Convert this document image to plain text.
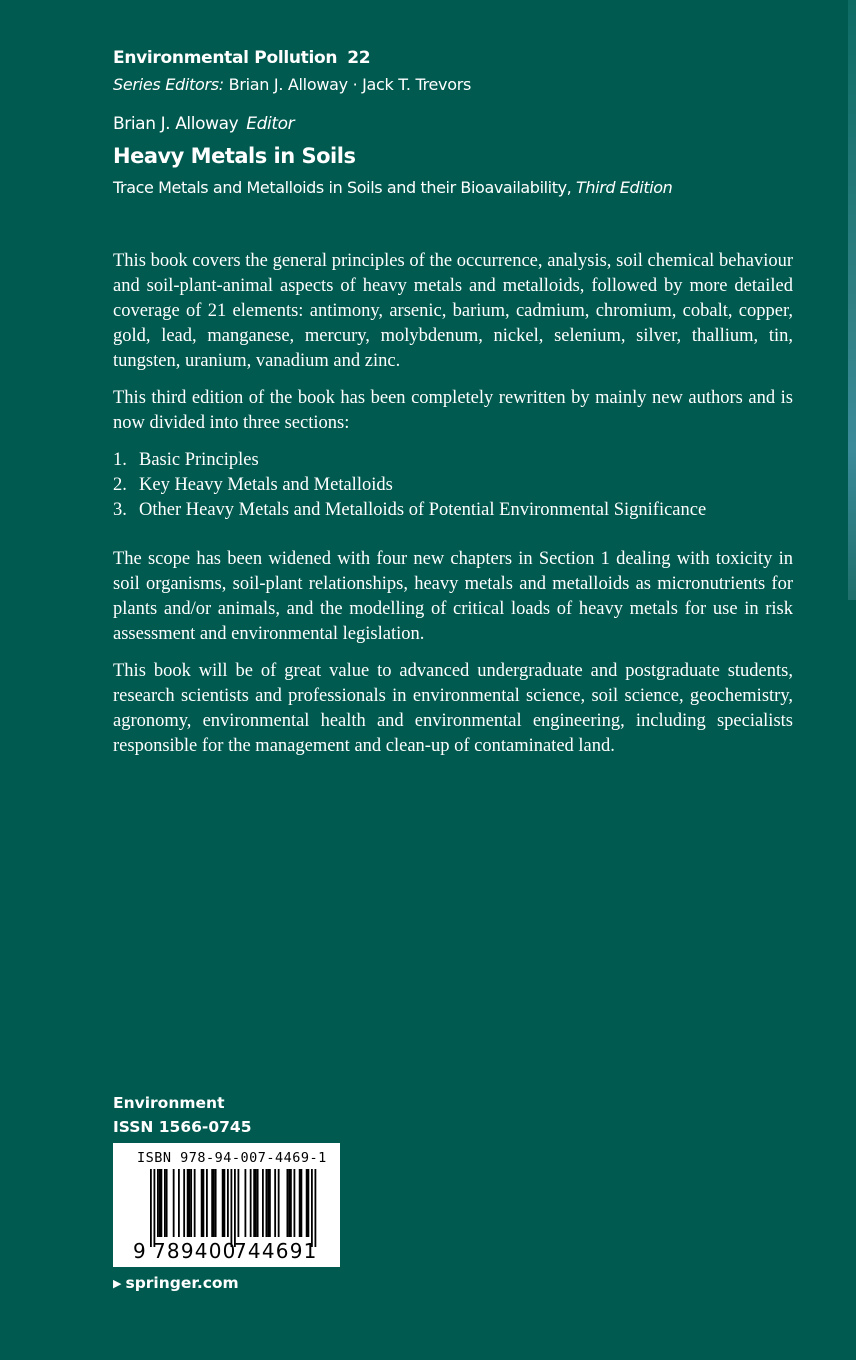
Environmental Pollution 22
Series Editors: Brian J. Alloway · Jack T. Trevors
Brian J. Alloway Editor
Heavy Metals in Soils
Trace Metals and Metalloids in Soils and their Bioavailability, Third Edition

This book covers the general principles of the occurrence, analysis, soil chemical behaviour and soil-plant-animal aspects of heavy metals and metalloids, followed by more detailed coverage of 21 elements: antimony, arsenic, barium, cadmium, chromium, cobalt, copper, gold, lead, manganese, mercury, molybdenum, nickel, selenium, silver, thallium, tin, tungsten, uranium, vanadium and zinc.

This third edition of the book has been completely rewritten by mainly new authors and is now divided into three sections:

1. Basic Principles
2. Key Heavy Metals and Metalloids
3. Other Heavy Metals and Metalloids of Potential Environmental Significance

The scope has been widened with four new chapters in Section 1 dealing with toxicity in soil organisms, soil-plant relationships, heavy metals and metalloids as micronutrients for plants and/or animals, and the modelling of critical loads of heavy metals for use in risk assessment and environmental legislation.

This book will be of great value to advanced undergraduate and postgraduate students, research scientists and professionals in environmental science, soil science, geochemistry, agronomy, environmental health and environmental engineering, including specialists responsible for the management and clean-up of contaminated land.

Environment
ISSN 1566-0745
ISBN 978-94-007-4469-1
9 789400
744691
▶ springer.com
